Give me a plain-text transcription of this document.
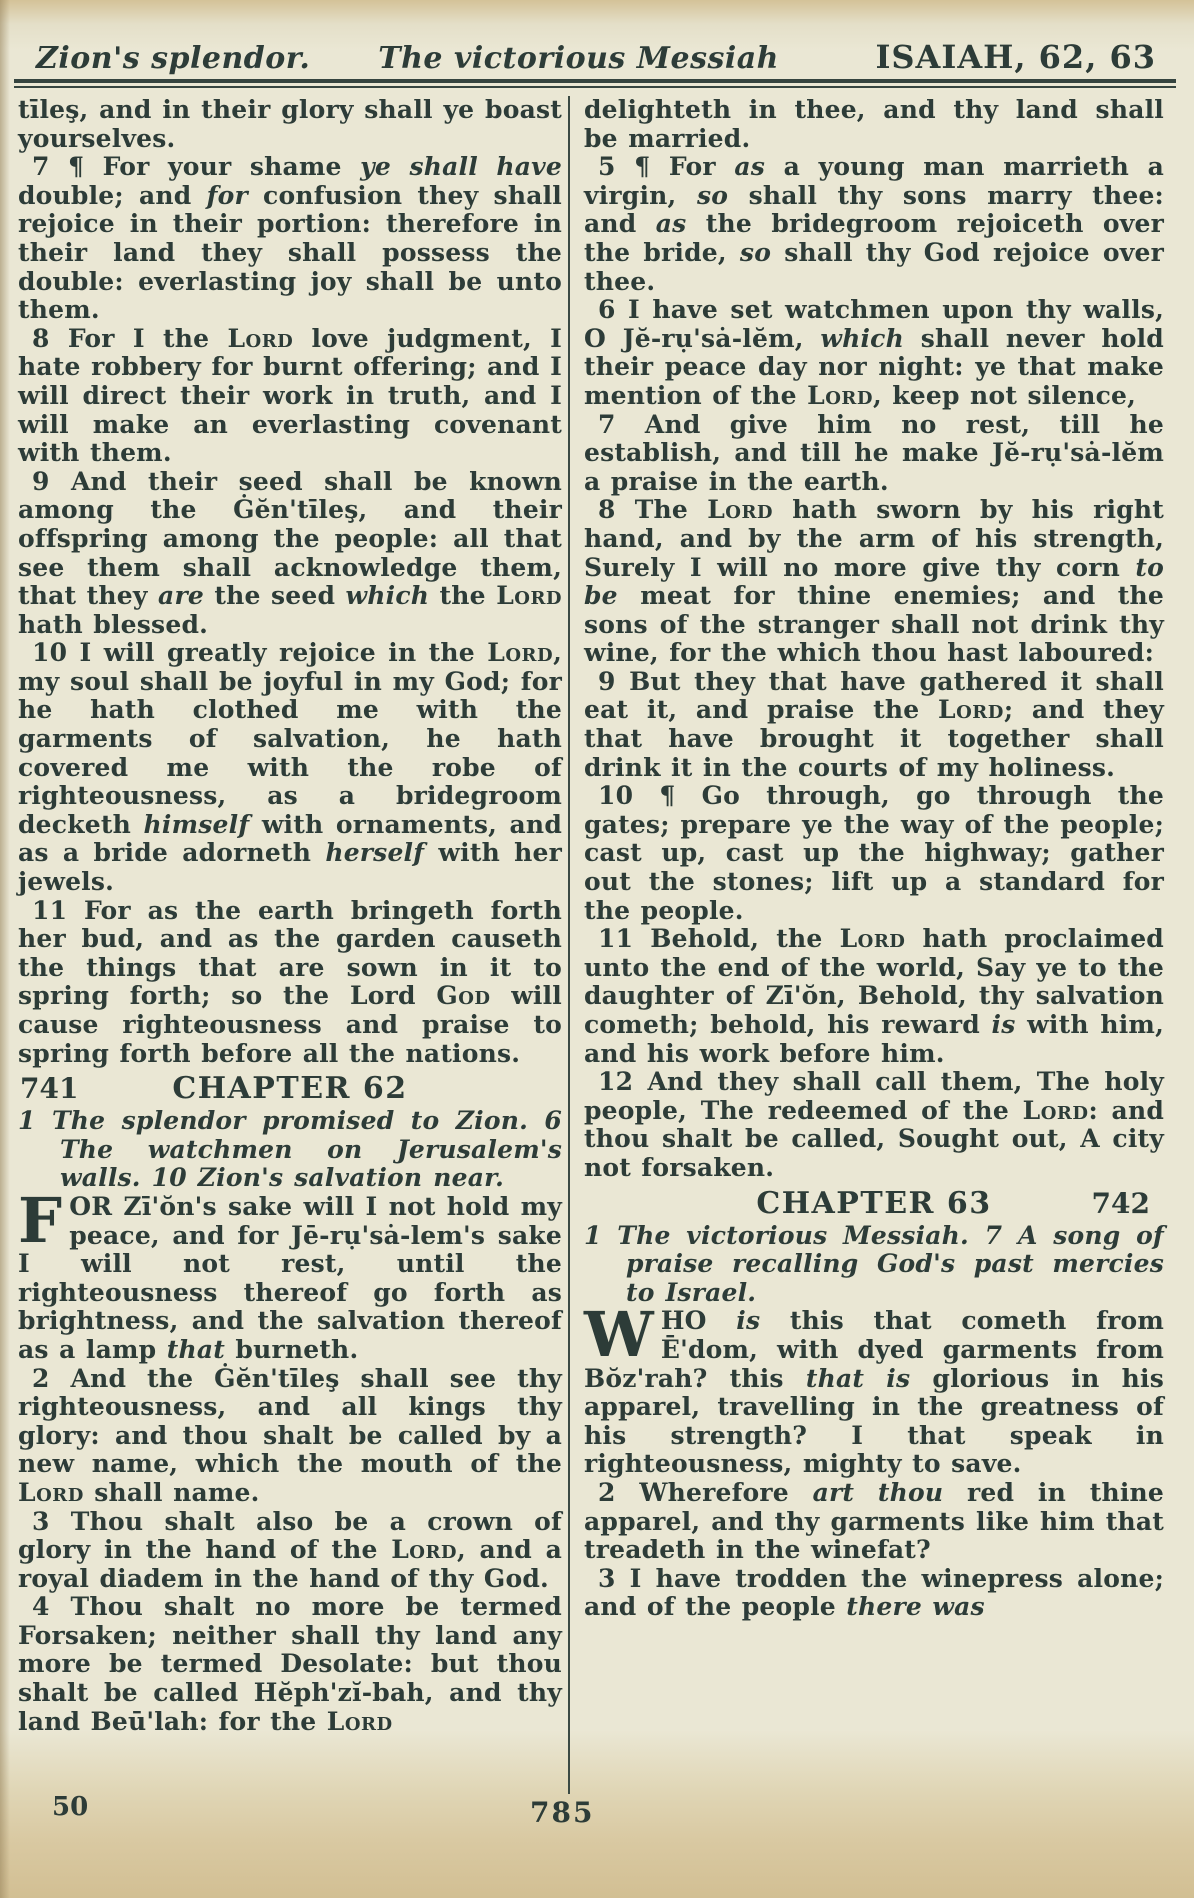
Zion's splendor. The victorious Messiah	ISAIAH, 62, 63

tīleş, and in their glory shall ye boast yourselves.

7 ¶ For your shame ye shall have double; and for confusion they shall rejoice in their portion: therefore in their land they shall possess the double: everlasting joy shall be unto them.

8 For I the Lord love judgment, I hate robbery for burnt offering; and I will direct their work in truth, and I will make an everlasting covenant with them.

9 And their seed shall be known among the Ġĕn'tīleş, and their offspring among the people: all that see them shall acknowledge them, that they are the seed which the Lord hath blessed.

10 I will greatly rejoice in the Lord, my soul shall be joyful in my God; for he hath clothed me with the garments of salvation, he hath covered me with the robe of righteousness, as a bridegroom decketh himself with ornaments, and as a bride adorneth herself with her jewels.

11 For as the earth bringeth forth her bud, and as the garden causeth the things that are sown in it to spring forth; so the Lord God will cause righteousness and praise to spring forth before all the nations.

741	CHAPTER 62

1 The splendor promised to Zion. 6 The watchmen on Jerusalem's walls. 10 Zion's salvation near.

FOR Zī'ŏn's sake will I not hold my peace, and for Jē-rụ'sȧ-lem's sake I will not rest, until the righteousness thereof go forth as brightness, and the salvation thereof as a lamp that burneth.

2 And the Ġĕn'tīleş shall see thy righteousness, and all kings thy glory: and thou shalt be called by a new name, which the mouth of the Lord shall name.

3 Thou shalt also be a crown of glory in the hand of the Lord, and a royal diadem in the hand of thy God.

4 Thou shalt no more be termed Forsaken; neither shall thy land any more be termed Desolate: but thou shalt be called Hĕph'zĭ-bah, and thy land Beū'lah: for the Lord

delighteth in thee, and thy land shall be married.

5 ¶ For as a young man marrieth a virgin, so shall thy sons marry thee: and as the bridegroom rejoiceth over the bride, so shall thy God rejoice over thee.

6 I have set watchmen upon thy walls, O Jĕ-rụ'sȧ-lĕm, which shall never hold their peace day nor night: ye that make mention of the Lord, keep not silence,

7 And give him no rest, till he establish, and till he make Jĕ-rụ'sȧ-lĕm a praise in the earth.

8 The Lord hath sworn by his right hand, and by the arm of his strength, Surely I will no more give thy corn to be meat for thine enemies; and the sons of the stranger shall not drink thy wine, for the which thou hast laboured:

9 But they that have gathered it shall eat it, and praise the Lord; and they that have brought it together shall drink it in the courts of my holiness.

10 ¶ Go through, go through the gates; prepare ye the way of the people; cast up, cast up the highway; gather out the stones; lift up a standard for the people.

11 Behold, the Lord hath proclaimed unto the end of the world, Say ye to the daughter of Zī'ŏn, Behold, thy salvation cometh; behold, his reward is with him, and his work before him.

12 And they shall call them, The holy people, The redeemed of the Lord: and thou shalt be called, Sought out, A city not forsaken.

CHAPTER 63	742

1 The victorious Messiah. 7 A song of praise recalling God's past mercies to Israel.

WHO is this that cometh from Ē'dom, with dyed garments from Bŏz'rah? this that is glorious in his apparel, travelling in the greatness of his strength? I that speak in righteousness, mighty to save.

2 Wherefore art thou red in thine apparel, and thy garments like him that treadeth in the winefat?

3 I have trodden the winepress alone; and of the people there was

50	785
